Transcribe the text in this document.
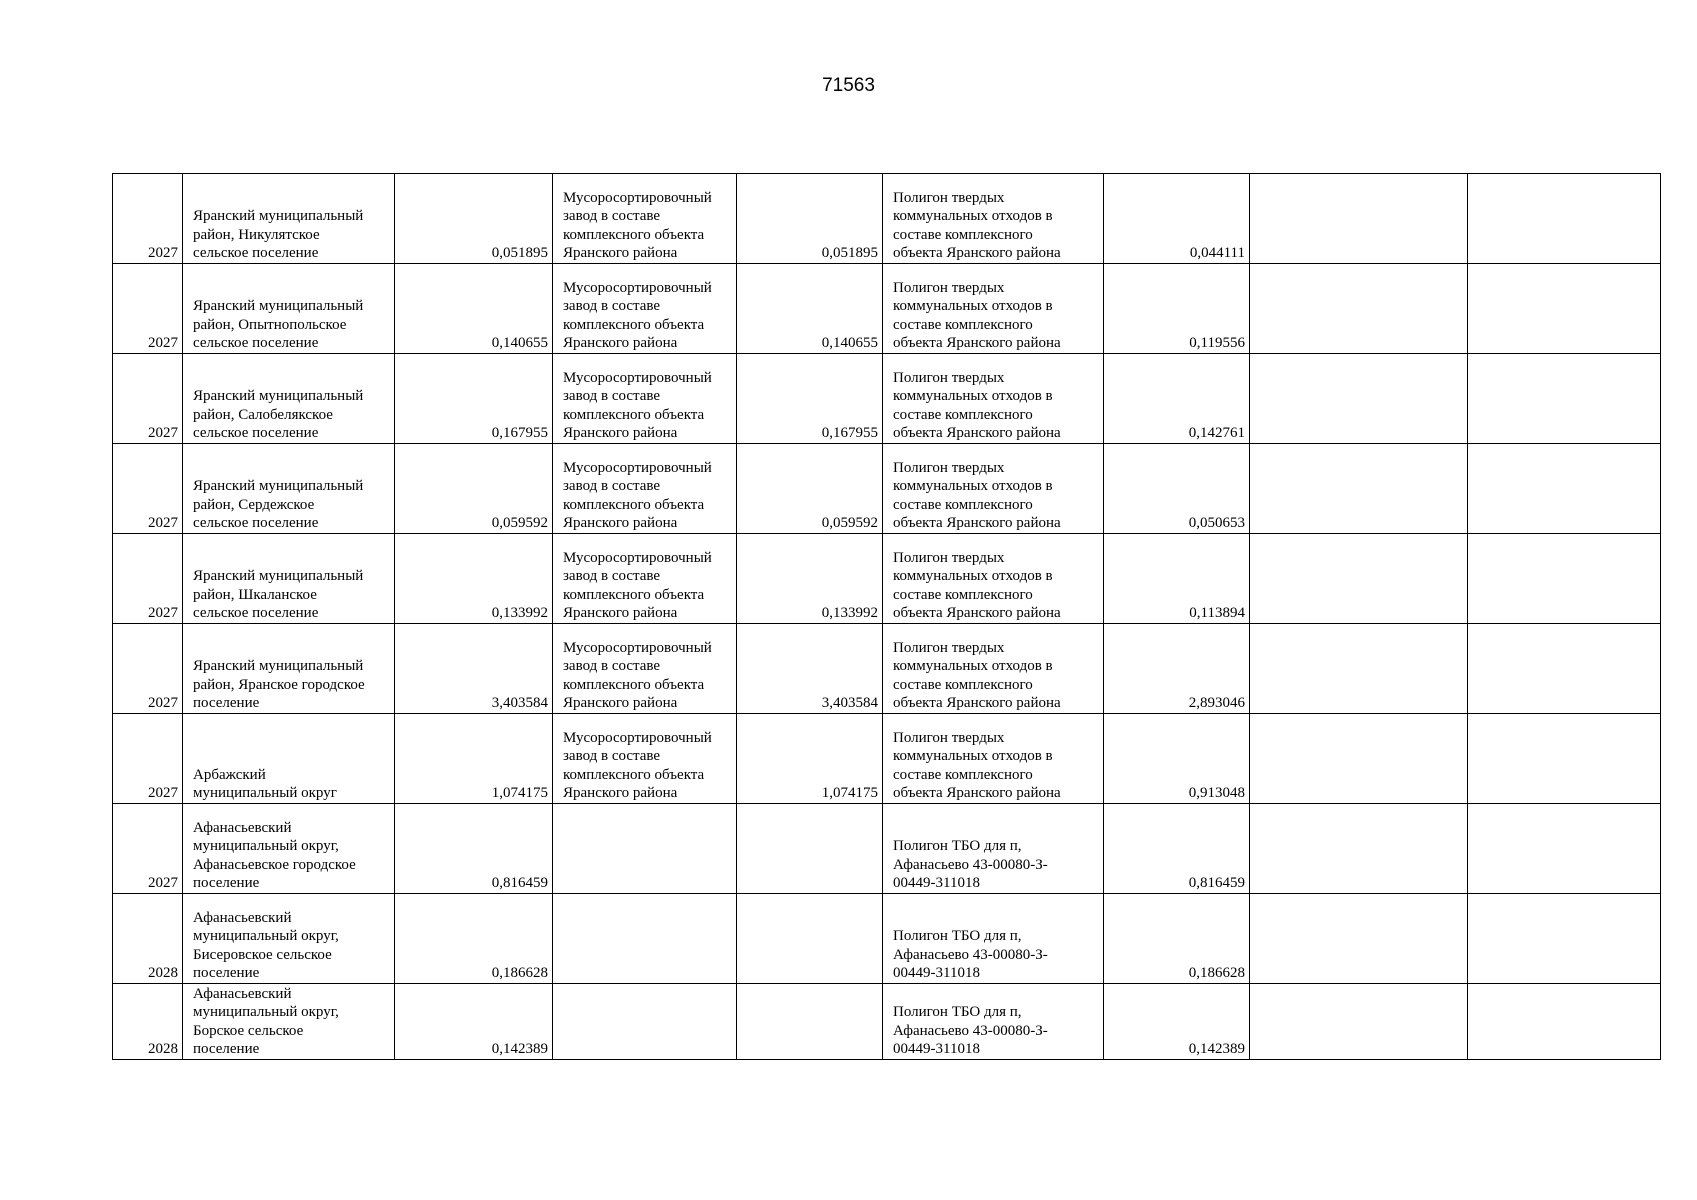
71563
2027	Яранский муниципальный
район, Никулятское
сельское поселение	0,051895	Мусоросортировочный
завод в составе
комплексного объекта
Яранского района	0,051895	Полигон твердых
коммунальных отходов в
составе комплексного
объекта Яранского района	0,044111		

2027	Яранский муниципальный
район, Опытнопольское
сельское поселение	0,140655	Мусоросортировочный
завод в составе
комплексного объекта
Яранского района	0,140655	Полигон твердых
коммунальных отходов в
составе комплексного
объекта Яранского района	0,119556		

2027	Яранский муниципальный
район, Салобелякское
сельское поселение	0,167955	Мусоросортировочный
завод в составе
комплексного объекта
Яранского района	0,167955	Полигон твердых
коммунальных отходов в
составе комплексного
объекта Яранского района	0,142761		

2027	Яранский муниципальный
район, Сердежское
сельское поселение	0,059592	Мусоросортировочный
завод в составе
комплексного объекта
Яранского района	0,059592	Полигон твердых
коммунальных отходов в
составе комплексного
объекта Яранского района	0,050653		

2027	Яранский муниципальный
район, Шкаланское
сельское поселение	0,133992	Мусоросортировочный
завод в составе
комплексного объекта
Яранского района	0,133992	Полигон твердых
коммунальных отходов в
составе комплексного
объекта Яранского района	0,113894		

2027	Яранский муниципальный
район, Яранское городское
поселение	3,403584	Мусоросортировочный
завод в составе
комплексного объекта
Яранского района	3,403584	Полигон твердых
коммунальных отходов в
составе комплексного
объекта Яранского района	2,893046		

2027	Арбажский
муниципальный округ	1,074175	Мусоросортировочный
завод в составе
комплексного объекта
Яранского района	1,074175	Полигон твердых
коммунальных отходов в
составе комплексного
объекта Яранского района	0,913048		

2027	Афанасьевский
муниципальный округ,
Афанасьевское городское
поселение	0,816459			Полигон ТБО для п,
Афанасьево 43-00080-З-
00449-311018	0,816459		

2028	Афанасьевский
муниципальный округ,
Бисеровское сельское
поселение	0,186628			Полигон ТБО для п,
Афанасьево 43-00080-З-
00449-311018	0,186628		

2028	Афанасьевский
муниципальный округ,
Борское сельское
поселение	0,142389			Полигон ТБО для п,
Афанасьево 43-00080-З-
00449-311018	0,142389		
